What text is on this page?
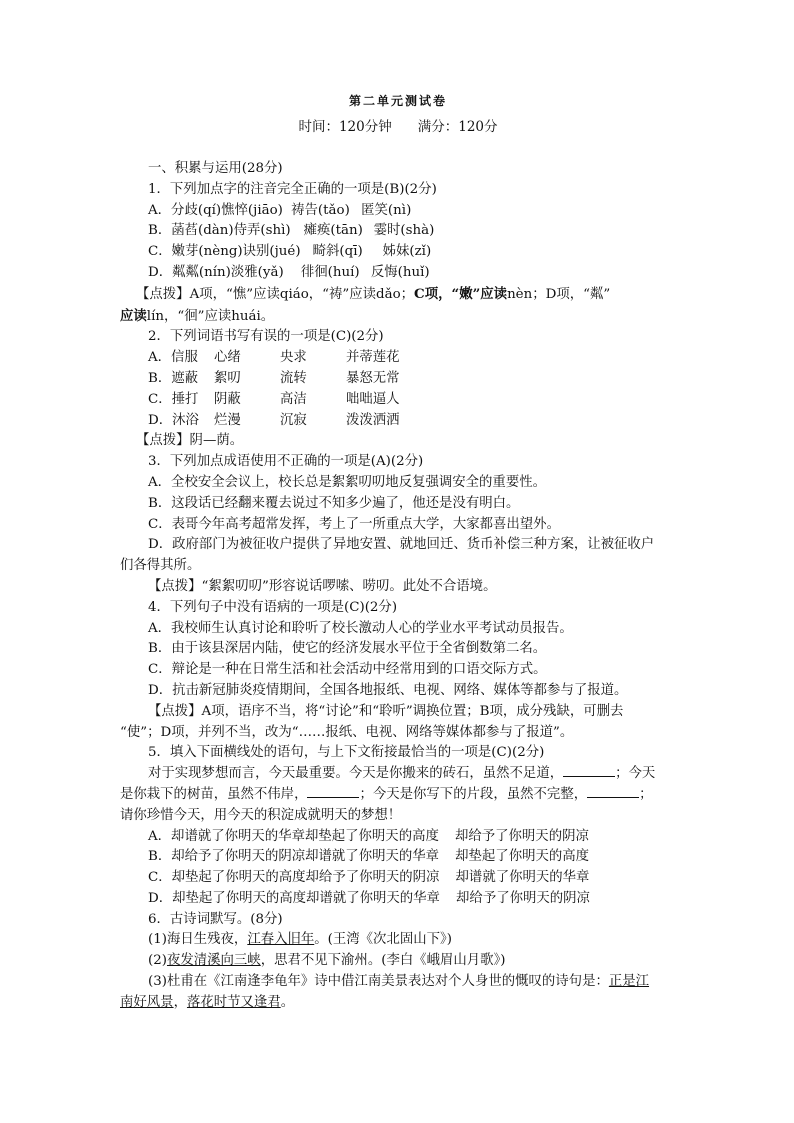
第二单元测试卷
时间：120分钟 满分：120分
一、积累与运用(28分)
1．下列加点字的注音完全正确的一项是(B)(2分)
A．分歧(qí)憔悴(jiāo) 祷告(tǎo) 匿笑(nì)
B．菡萏(dàn)侍弄(shì) 瘫痪(tān) 霎时(shà)
C．嫩芽(nèng)诀别(jué) 畸斜(qī) 姊妹(zǐ)
D．粼粼(nín)淡雅(yǎ) 徘徊(huí) 反悔(huǐ)
【点拨】A项，“憔”应读qiáo，“祷”应读dǎo；C项，“嫩”应读nèn；D项，“粼”
应读lín，“徊”应读huái。
2．下列词语书写有误的一项是(C)(2分)
A．信服 心绪	央求	并蒂莲花
B．遮蔽 絮叨	流转	暴怒无常
C．捶打 阴蔽	高洁	咄咄逼人
D．沐浴 烂漫	沉寂	泼泼洒洒
【点拨】阴—荫。
3．下列加点成语使用不正确的一项是(A)(2分)
A．全校安全会议上，校长总是絮絮叨叨地反复强调安全的重要性。
B．这段话已经翻来覆去说过不知多少遍了，他还是没有明白。
C．表哥今年高考超常发挥，考上了一所重点大学，大家都喜出望外。
D．政府部门为被征收户提供了异地安置、就地回迁、货币补偿三种方案，让被征收户
们各得其所。
【点拨】“絮絮叨叨”形容说话啰嗦、唠叨。此处不合语境。
4．下列句子中没有语病的一项是(C)(2分)
A．我校师生认真讨论和聆听了校长激动人心的学业水平考试动员报告。
B．由于该县深居内陆，使它的经济发展水平位于全省倒数第二名。
C．辩论是一种在日常生活和社会活动中经常用到的口语交际方式。
D．抗击新冠肺炎疫情期间，全国各地报纸、电视、网络、媒体等都参与了报道。
【点拨】A项，语序不当，将“讨论”和“聆听”调换位置；B项，成分残缺，可删去
“使”；D项，并列不当，改为“……报纸、电视、网络等媒体都参与了报道”。
5．填入下面横线处的语句，与上下文衔接最恰当的一项是(C)(2分)
对于实现梦想而言，今天最重要。今天是你搬来的砖石，虽然不足道，	；今天
是你栽下的树苗，虽然不伟岸，	；今天是你写下的片段，虽然不完整，	；
请你珍惜今天，用今天的积淀成就明天的梦想！
A．却谱就了你明天的华章却垫起了你明天的高度 却给予了你明天的阴凉
B．却给予了你明天的阴凉却谱就了你明天的华章 却垫起了你明天的高度
C．却垫起了你明天的高度却给予了你明天的阴凉 却谱就了你明天的华章
D．却垫起了你明天的高度却谱就了你明天的华章 却给予了你明天的阴凉
6．古诗词默写。(8分)
(1)海日生残夜，江春入旧年。(王湾《次北固山下》)
(2)夜发清溪向三峡，思君不见下渝州。(李白《峨眉山月歌》)
(3)杜甫在《江南逢李龟年》诗中借江南美景表达对个人身世的慨叹的诗句是：正是江
南好风景，落花时节又逢君。
